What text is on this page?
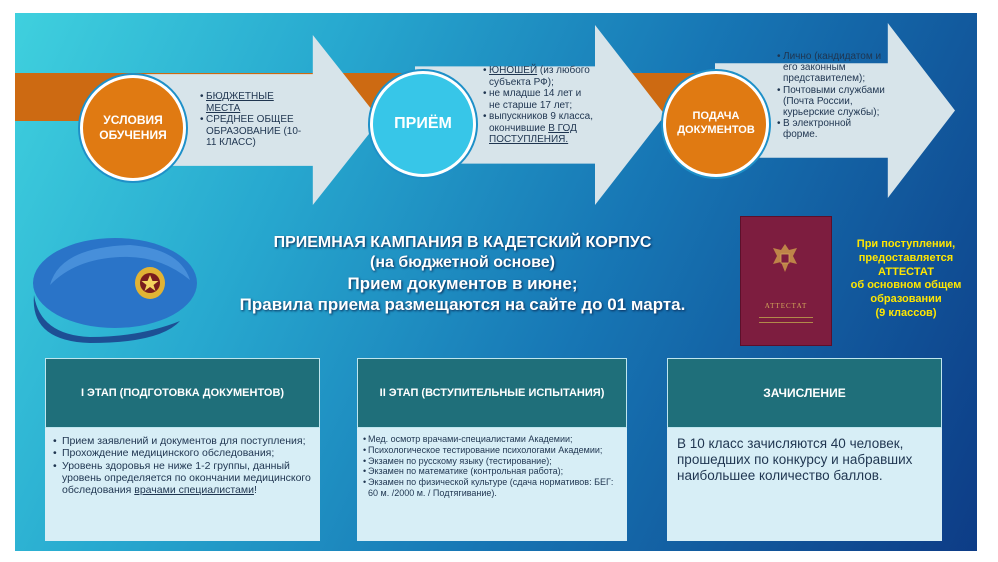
УСЛОВИЯ ОБУЧЕНИЯ
ПРИЁМ	ПОДАЧА ДОКУМЕНТОВ
• БЮДЖЕТНЫЕ МЕСТА
• СРЕДНЕЕ ОБЩЕЕ ОБРАЗОВАНИЕ (10-11 КЛАСС)
• ЮНОШЕЙ (из любого субъекта РФ);
• не младше 14 лет и не старше 17 лет;
• выпускников 9 класса, окончившие В ГОД ПОСТУПЛЕНИЯ.
• Лично (кандидатом и его законным представителем);
• Почтовыми службами (Почта России, курьерские службы);
• В электронной форме.
ПРИЕМНАЯ КАМПАНИЯ В КАДЕТСКИЙ КОРПУС
(на бюджетной основе)
Прием документов в июне;
Правила приема размещаются на сайте до 01 марта.	АТТЕСТАТ
При поступлении, предоставляется
АТТЕСТАТ
об основном общем образовании
(9 классов)
I ЭТАП (ПОДГОТОВКА ДОКУМЕНТОВ)
• Прием заявлений и документов для поступления;
• Прохождение медицинского обследования;
• Уровень здоровья не ниже 1-2 группы, данный уровень определяется по окончании медицинского обследования врачами специалистами!
II ЭТАП (ВСТУПИТЕЛЬНЫЕ ИСПЫТАНИЯ)
• Мед. осмотр врачами-специалистами Академии;
• Психологическое тестирование психологами Академии;
• Экзамен по русскому языку (тестирование);
• Экзамен по математике (контрольная работа);
• Экзамен по физической культуре (сдача нормативов: БЕГ: 60 м. /2000 м. / Подтягивание).
ЗАЧИСЛЕНИЕ

В 10 класс зачисляются 40 человек, прошедших по конкурсу и набравших наибольшее количество баллов.
